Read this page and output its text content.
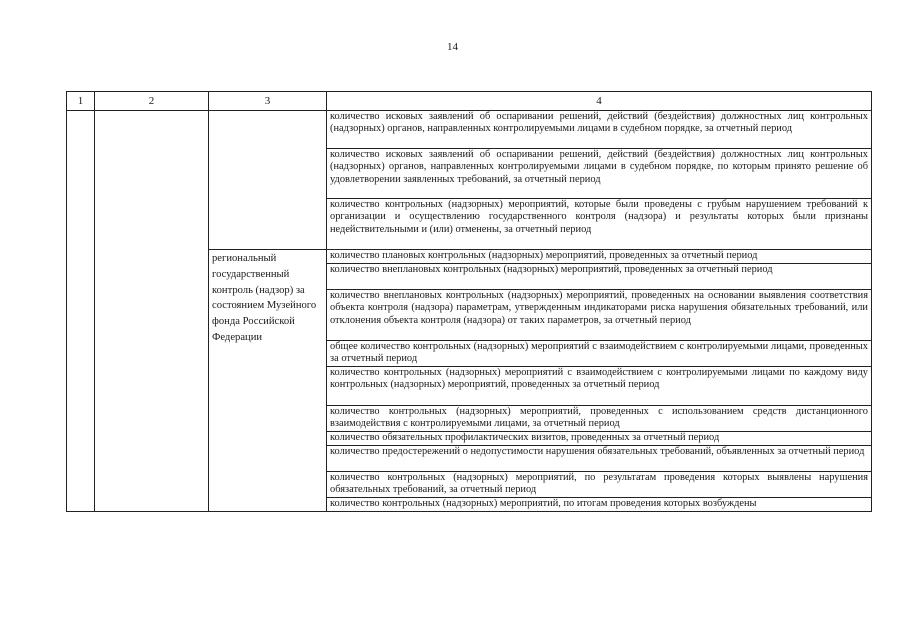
14
1	2	3	4
			количество исковых заявлений об оспаривании решений, действий (бездействия) должностных лиц контрольных (надзорных) органов, направленных контролируемыми лицами в судебном порядке, за отчетный период
			количество исковых заявлений об оспаривании решений, действий (бездействия) должностных лиц контрольных (надзорных) органов, направленных контролируемыми лицами в судебном порядке, по которым принято решение об удовлетворении заявленных требований, за отчетный период
			количество контрольных (надзорных) мероприятий, которые были проведены с грубым нарушением требований к организации и осуществлению государственного контроля (надзора) и результаты которых были признаны недействительными и (или) отменены, за отчетный период

		региональный государственный контроль (надзор) за состоянием Музейного фонда Российской Федерации	количество плановых контрольных (надзорных) мероприятий, проведенных за отчетный период
			количество внеплановых контрольных (надзорных) мероприятий, проведенных за отчетный период
			количество внеплановых контрольных (надзорных) мероприятий, проведенных на основании выявления соответствия объекта контроля (надзора) параметрам, утвержденным индикаторами риска нарушения обязательных требований, или отклонения объекта контроля (надзора) от таких параметров, за отчетный период
			общее количество контрольных (надзорных) мероприятий с взаимодействием с контролируемыми лицами, проведенных за отчетный период
			количество контрольных (надзорных) мероприятий с взаимодействием с контролируемыми лицами по каждому виду контрольных (надзорных) мероприятий, проведенных за отчетный период
			количество контрольных (надзорных) мероприятий, проведенных с использованием средств дистанционного взаимодействия с контролируемыми лицами, за отчетный период
			количество обязательных профилактических визитов, проведенных за отчетный период
			количество предостережений о недопустимости нарушения обязательных требований, объявленных за отчетный период
			количество контрольных (надзорных) мероприятий, по результатам проведения которых выявлены нарушения обязательных требований, за отчетный период
			количество контрольных (надзорных) мероприятий, по итогам проведения которых возбуждены
